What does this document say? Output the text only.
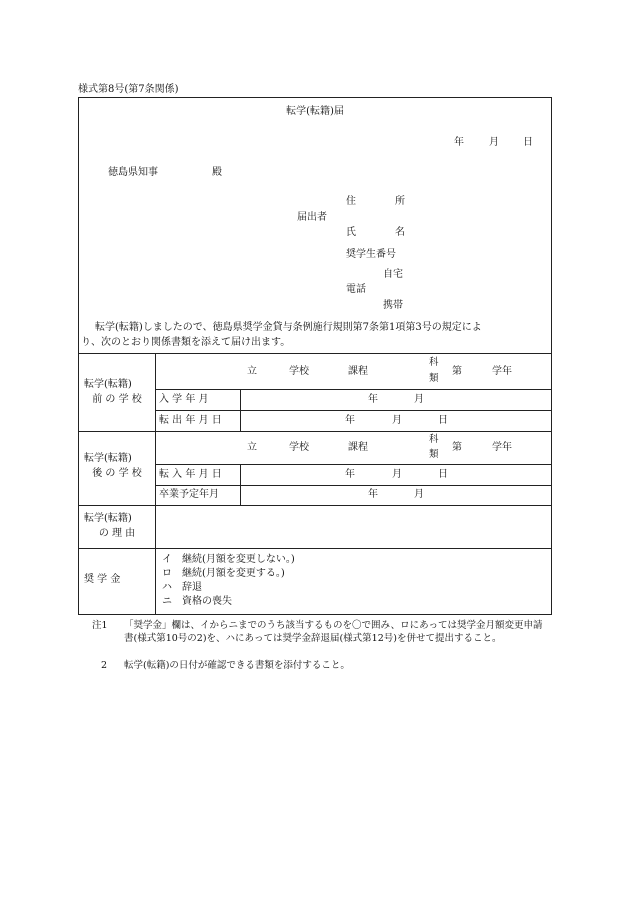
様式第8号(第7条関係)
転学(転籍)届
年	月 日
徳島県知事	殿
住	所
届出者
氏	名
奨学生番号
自宅
電話
携帯
転学(転籍)しましたので、徳島県奨学金貸与条例施行規則第7条第1項第3号の規定によ
り、次のとおり関係書類を添えて届け出ます。
転学(転籍)
前 の 学 校
立	学校	課程
科
類
第	学年
入 学 年 月	年	月
転 出 年 月 日	年	月	日
転学(転籍)
後 の 学 校
立	学校	課程
科
類
第	学年
転 入 年 月 日	年	月	日
卒業予定年月	年	月
転学(転籍)
の 理 由
奨 学 金
イ　継続(月額を変更しない。)
ロ　継続(月額を変更する。)
ハ　辞退
ニ　資格の喪失
注1 「奨学金」欄は、イからニまでのうち該当するものを〇で囲み、ロにあっては奨学金月額変更申請書(様式第10号の2)を、ハにあっては奨学金辞退届(様式第12号)を併せて提出すること。
2 転学(転籍)の日付が確認できる書類を添付すること。
